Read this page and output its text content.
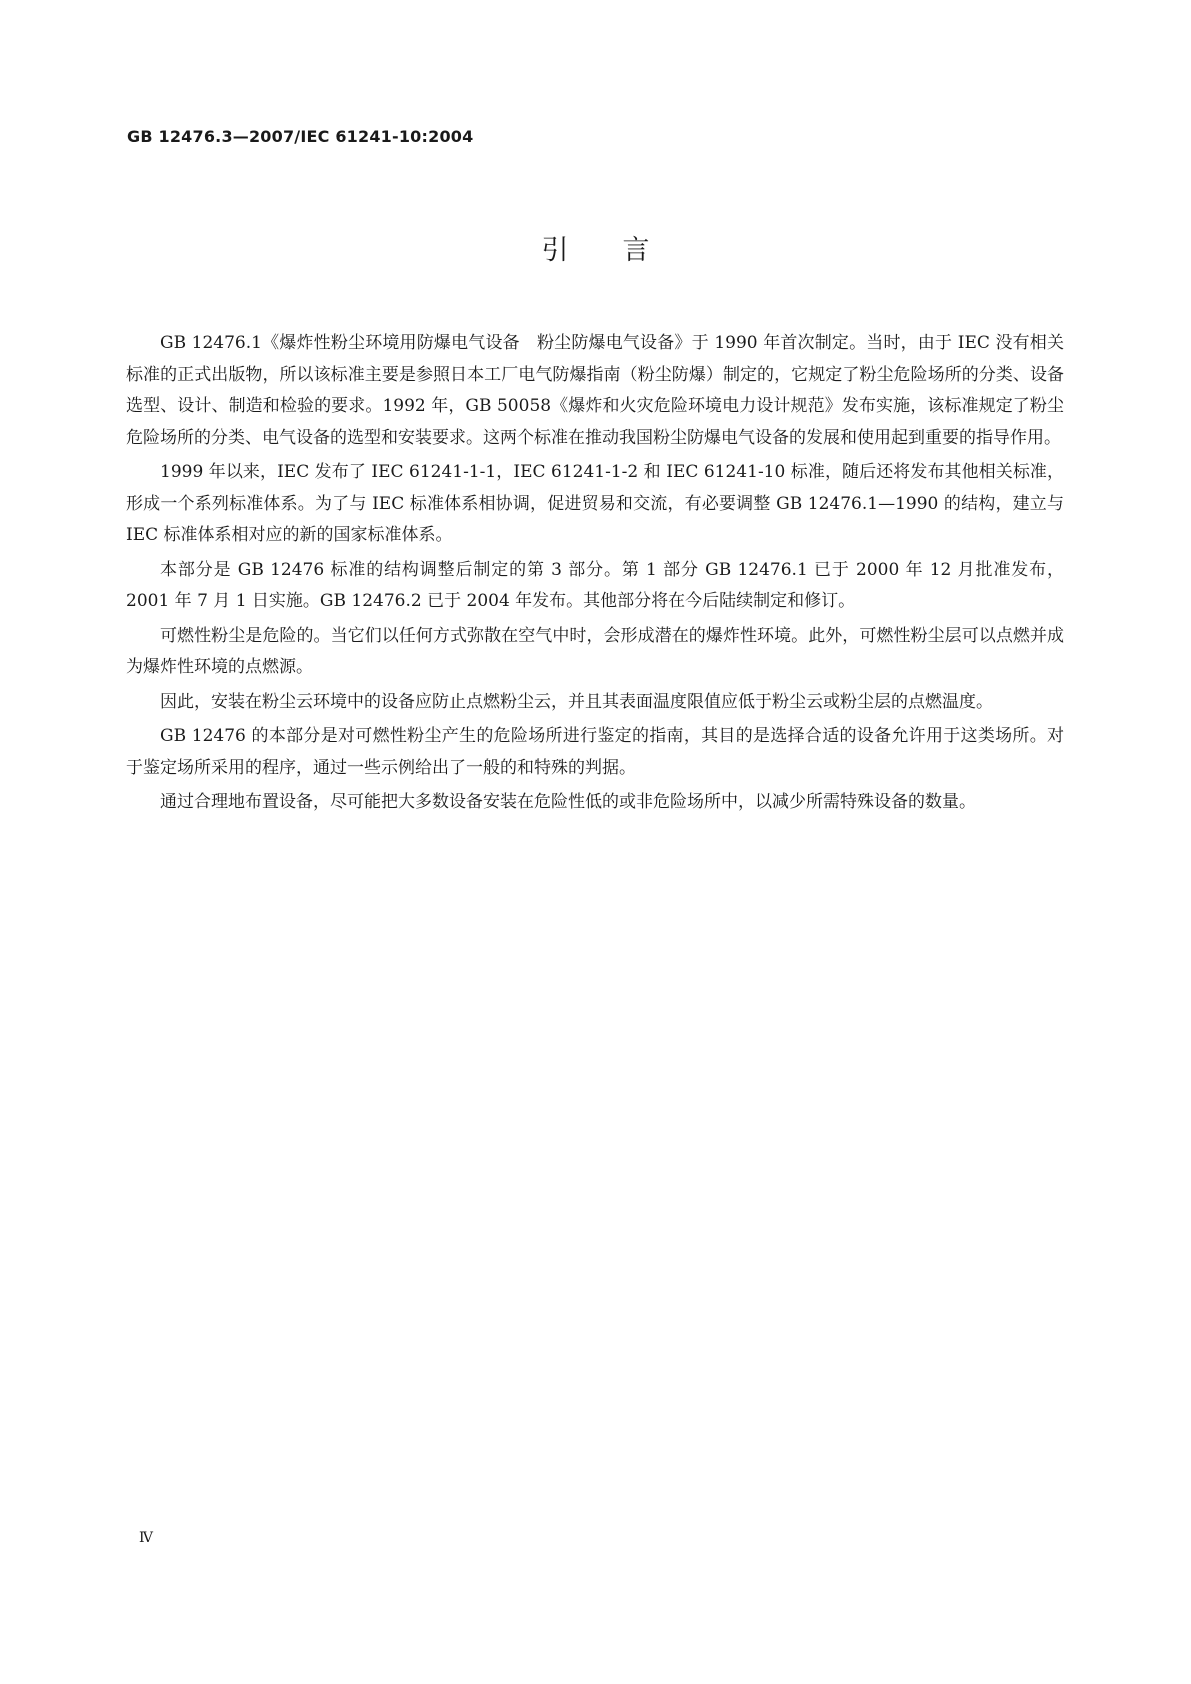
GB 12476.3—2007/IEC 61241-10:2004
引言

GB 12476.1《爆炸性粉尘环境用防爆电气设备　粉尘防爆电气设备》于 1990 年首次制定。当时，由于 IEC 没有相关标准的正式出版物，所以该标准主要是参照日本工厂电气防爆指南（粉尘防爆）制定的，它规定了粉尘危险场所的分类、设备选型、设计、制造和检验的要求。1992 年，GB 50058《爆炸和火灾危险环境电力设计规范》发布实施，该标准规定了粉尘危险场所的分类、电气设备的选型和安装要求。这两个标准在推动我国粉尘防爆电气设备的发展和使用起到重要的指导作用。

1999 年以来，IEC 发布了 IEC 61241-1-1，IEC 61241-1-2 和 IEC 61241-10 标准，随后还将发布其他相关标准，形成一个系列标准体系。为了与 IEC 标准体系相协调，促进贸易和交流，有必要调整 GB 12476.1—1990 的结构，建立与 IEC 标准体系相对应的新的国家标准体系。

本部分是 GB 12476 标准的结构调整后制定的第 3 部分。第 1 部分 GB 12476.1 已于 2000 年 12 月批准发布，2001 年 7 月 1 日实施。GB 12476.2 已于 2004 年发布。其他部分将在今后陆续制定和修订。

可燃性粉尘是危险的。当它们以任何方式弥散在空气中时，会形成潜在的爆炸性环境。此外，可燃性粉尘层可以点燃并成为爆炸性环境的点燃源。

因此，安装在粉尘云环境中的设备应防止点燃粉尘云，并且其表面温度限值应低于粉尘云或粉尘层的点燃温度。

GB 12476 的本部分是对可燃性粉尘产生的危险场所进行鉴定的指南，其目的是选择合适的设备允许用于这类场所。对于鉴定场所采用的程序，通过一些示例给出了一般的和特殊的判据。

通过合理地布置设备，尽可能把大多数设备安装在危险性低的或非危险场所中，以减少所需特殊设备的数量。

Ⅳ
